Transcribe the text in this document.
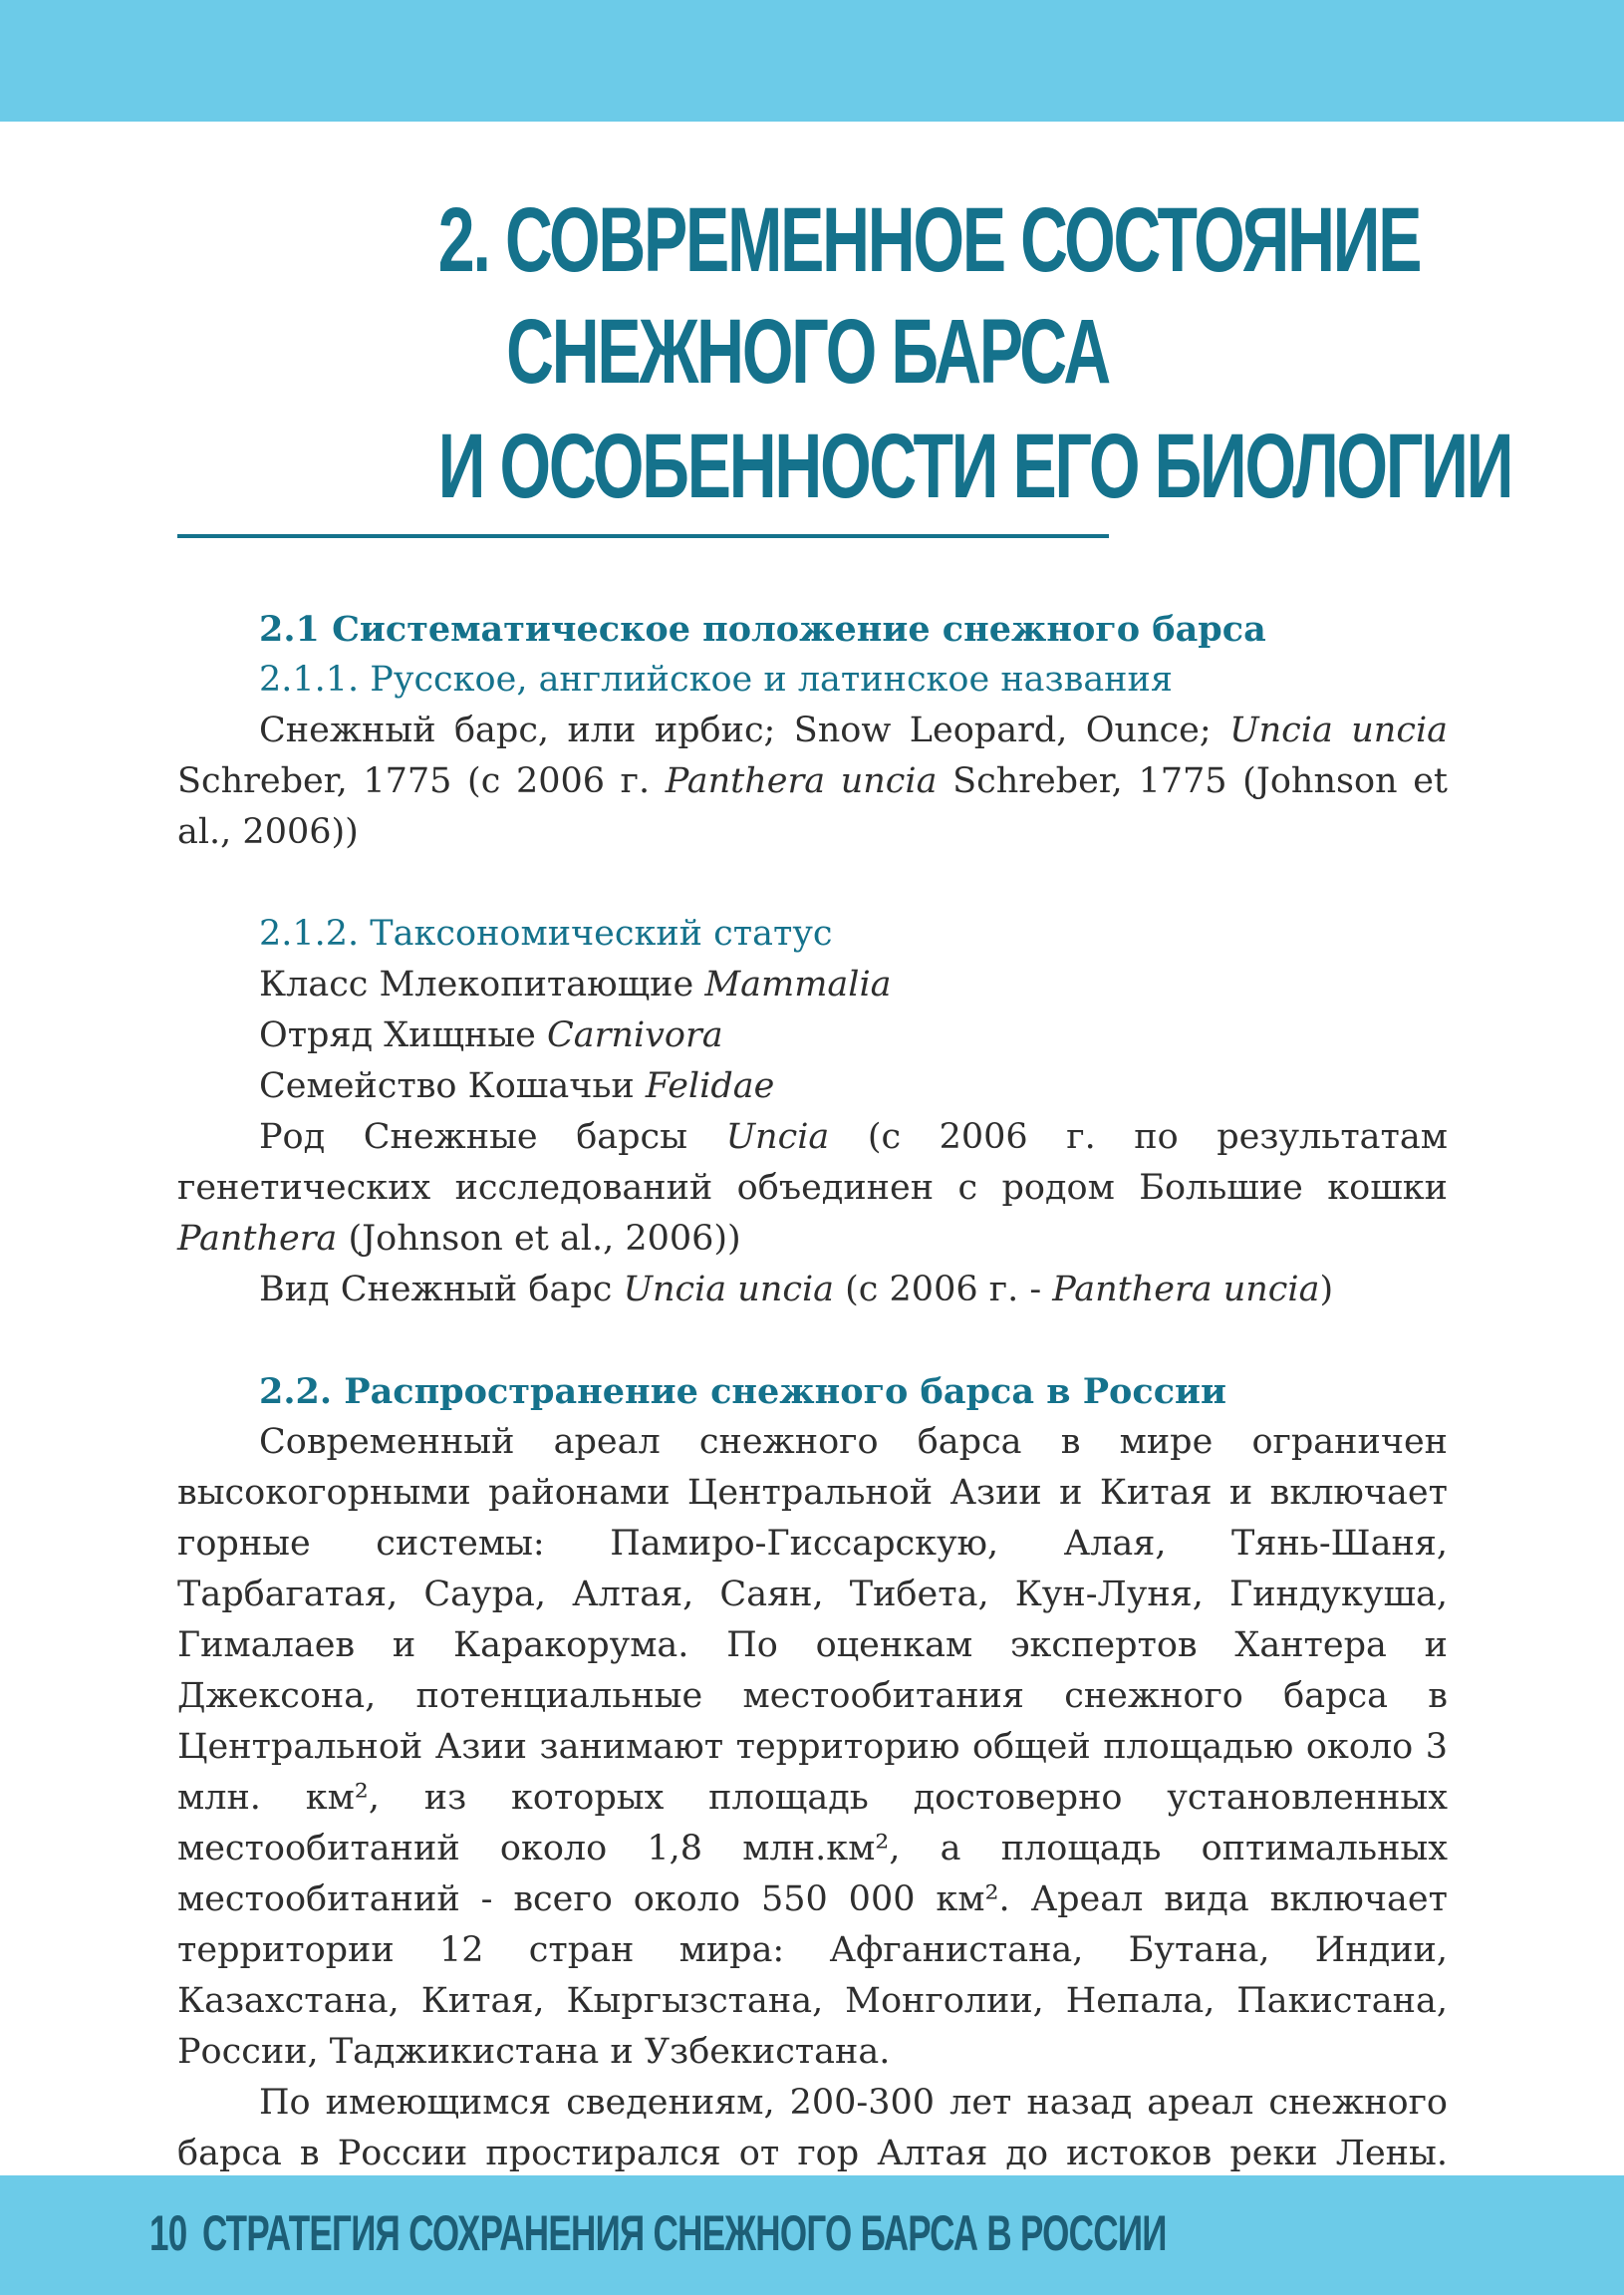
2. СОВРЕМЕННОЕ СОСТОЯНИЕ
СНЕЖНОГО БАРСА
И ОСОБЕННОСТИ ЕГО БИОЛОГИИ

2.1 Систематическое положение снежного барса

2.1.1. Русское, английское и латинское названия

Снежный барс, или ирбис; Snow Leopard, Ounce; Uncia uncia Schreber, 1775 (с 2006 г. Panthera uncia Schreber, 1775 (Johnson et al., 2006))

2.1.2. Таксономический статус

Класс Млекопитающие Mammalia

Отряд Хищные Carnivora

Семейство Кошачьи Felidae

Род Снежные барсы Uncia (с 2006 г. по результатам генетических исследований объединен с родом Большие кошки Panthera (Johnson et al., 2006))

Вид Снежный барс Uncia uncia (с 2006 г. - Panthera uncia)

2.2. Распространение снежного барса в России

Современный ареал снежного барса в мире ограничен высокогорными районами Центральной Азии и Китая и включает горные системы: Памиро-Гиссарскую, Алая, Тянь-Шаня, Тарбагатая, Саура, Алтая, Саян, Тибета, Кун-Луня, Гиндукуша, Гималаев и Каракорума. По оценкам экспертов Хантера и Джексона, потенциальные местообитания снежного барса в Центральной Азии занимают территорию общей площадью около 3 млн. км², из которых площадь достоверно установленных местообитаний около 1,8 млн.км², а площадь оптимальных местообитаний - всего около 550 000 км². Ареал вида включает территории 12 стран мира: Афганистана, Бутана, Индии, Казахстана, Китая, Кыргызстана, Монголии, Непала, Пакистана, России, Таджикистана и Узбекистана.

По имеющимся сведениям, 200-300 лет назад ареал снежного барса в России простирался от гор Алтая до истоков реки Лены.

10 СТРАТЕГИЯ СОХРАНЕНИЯ СНЕЖНОГО БАРСА В РОССИИ
